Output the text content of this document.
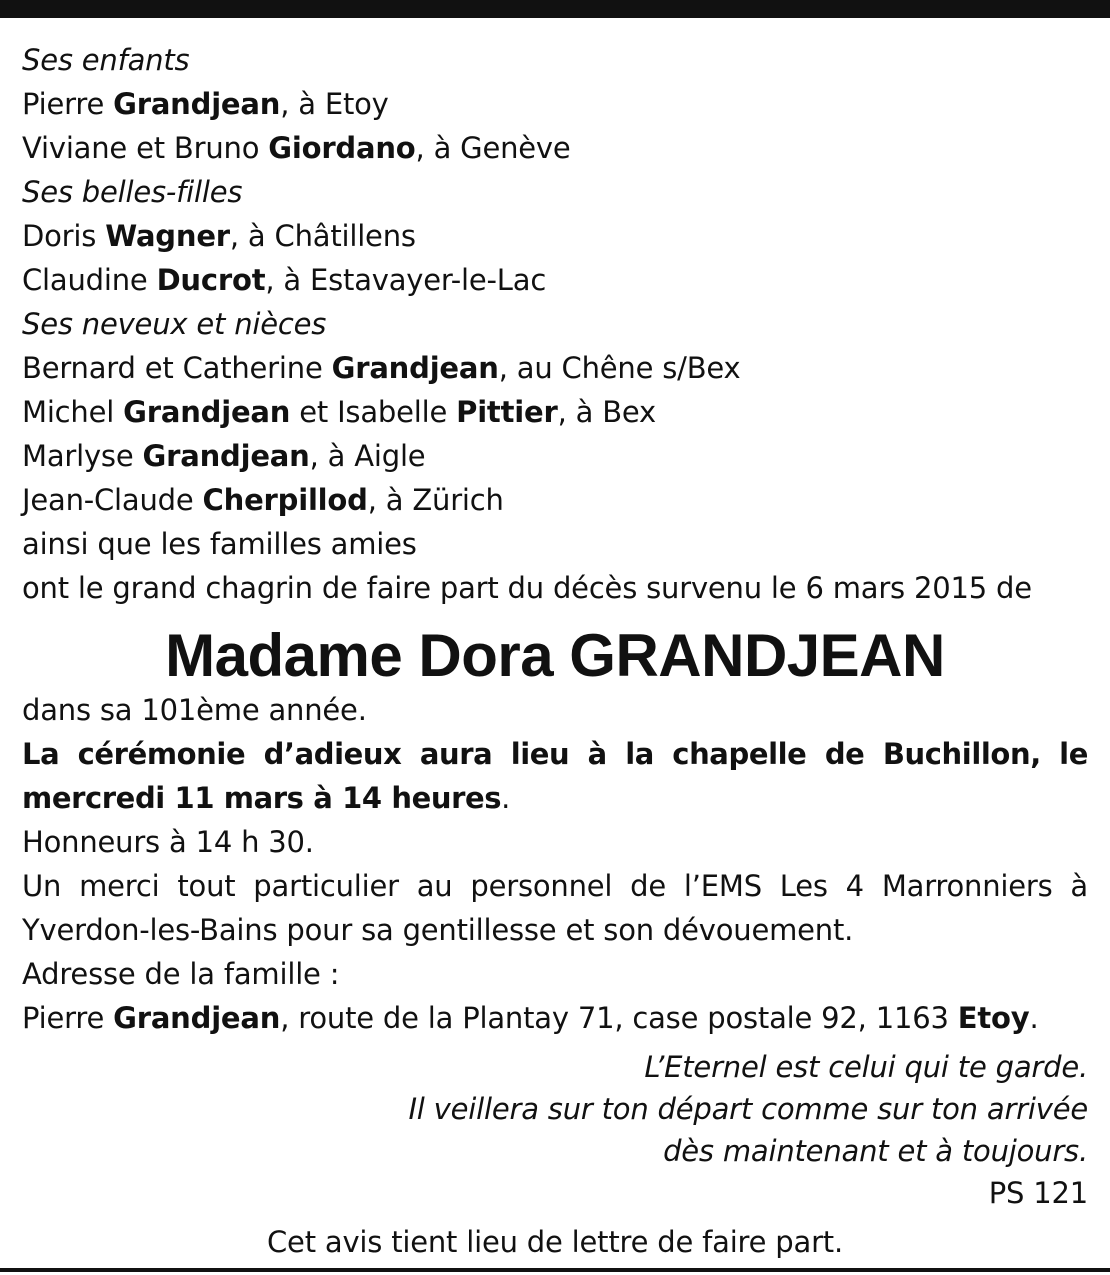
Ses enfants
Pierre Grandjean, à Etoy
Viviane et Bruno Giordano, à Genève
Ses belles-filles
Doris Wagner, à Châtillens
Claudine Ducrot, à Estavayer-le-Lac
Ses neveux et nièces
Bernard et Catherine Grandjean, au Chêne s/Bex
Michel Grandjean et Isabelle Pittier, à Bex
Marlyse Grandjean, à Aigle
Jean-Claude Cherpillod, à Zürich
ainsi que les familles amies
ont le grand chagrin de faire part du décès survenu le 6 mars 2015 de
Madame Dora GRANDJEAN
dans sa 101ème année.
La cérémonie d’adieux aura lieu à la chapelle de Buchillon, le mercredi 11 mars à 14 heures.
Honneurs à 14 h 30.
Un merci tout particulier au personnel de l’EMS Les 4 Marronniers à Yverdon-les-Bains pour sa gentillesse et son dévouement.
Adresse de la famille :
Pierre Grandjean, route de la Plantay 71, case postale 92, 1163 Etoy.
L’Eternel est celui qui te garde.
Il veillera sur ton départ comme sur ton arrivée
dès maintenant et à toujours.
PS 121
Cet avis tient lieu de lettre de faire part.
